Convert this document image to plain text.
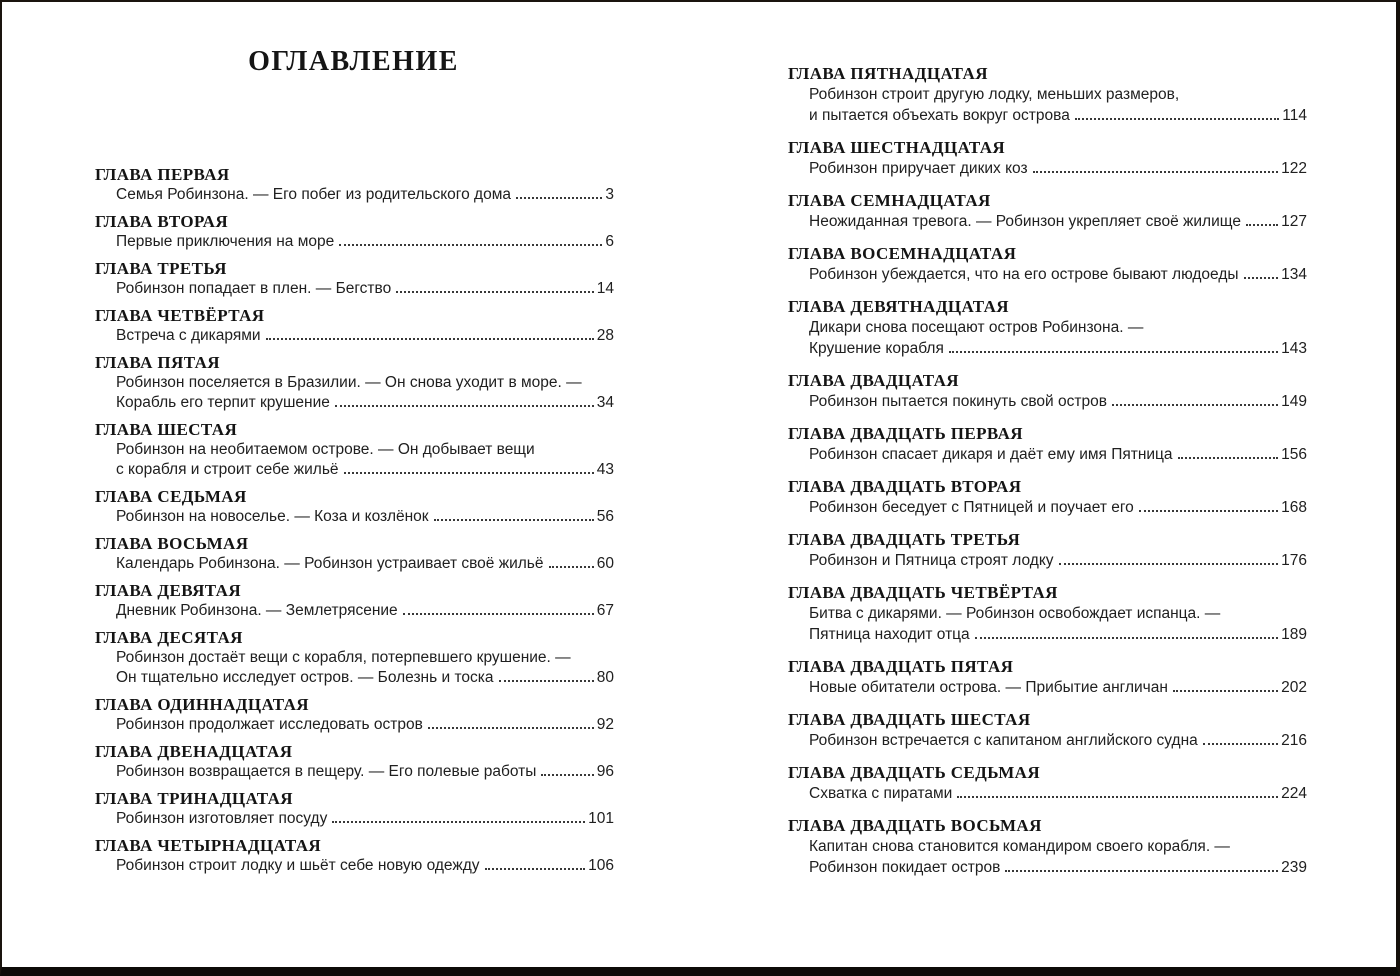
ОГЛАВЛЕНИЕ
ГЛАВА ПЕРВАЯ
Семья Робинзона. — Его побег из родительского дома	3
ГЛАВА ВТОРАЯ
Первые приключения на море	6
ГЛАВА ТРЕТЬЯ
Робинзон попадает в плен. — Бегство	14
ГЛАВА ЧЕТВЁРТАЯ
Встреча с дикарями	28
ГЛАВА ПЯТАЯ
Робинзон поселяется в Бразилии. — Он снова уходит в море. —
Корабль его терпит крушение	34
ГЛАВА ШЕСТАЯ
Робинзон на необитаемом острове. — Он добывает вещи
с корабля и строит себе жильё	43
ГЛАВА СЕДЬМАЯ
Робинзон на новоселье. — Коза и козлёнок	56
ГЛАВА ВОСЬМАЯ
Календарь Робинзона. — Робинзон устраивает своё жильё	60
ГЛАВА ДЕВЯТАЯ
Дневник Робинзона. — Землетрясение	67
ГЛАВА ДЕСЯТАЯ
Робинзон достаёт вещи с корабля, потерпевшего крушение. —
Он тщательно исследует остров. — Болезнь и тоска	80
ГЛАВА ОДИННАДЦАТАЯ
Робинзон продолжает исследовать остров	92
ГЛАВА ДВЕНАДЦАТАЯ
Робинзон возвращается в пещеру. — Его полевые работы	96
ГЛАВА ТРИНАДЦАТАЯ
Робинзон изготовляет посуду	101
ГЛАВА ЧЕТЫРНАДЦАТАЯ
Робинзон строит лодку и шьёт себе новую одежду	106
ГЛАВА ПЯТНАДЦАТАЯ
Робинзон строит другую лодку, меньших размеров,
и пытается объехать вокруг острова	114
ГЛАВА ШЕСТНАДЦАТАЯ
Робинзон приручает диких коз	122
ГЛАВА СЕМНАДЦАТАЯ
Неожиданная тревога. — Робинзон укрепляет своё жилище	127
ГЛАВА ВОСЕМНАДЦАТАЯ
Робинзон убеждается, что на его острове бывают людоеды	134
ГЛАВА ДЕВЯТНАДЦАТАЯ
Дикари снова посещают остров Робинзона. —
Крушение корабля	143
ГЛАВА ДВАДЦАТАЯ
Робинзон пытается покинуть свой остров	149
ГЛАВА ДВАДЦАТЬ ПЕРВАЯ
Робинзон спасает дикаря и даёт ему имя Пятница	156
ГЛАВА ДВАДЦАТЬ ВТОРАЯ
Робинзон беседует с Пятницей и поучает его	168
ГЛАВА ДВАДЦАТЬ ТРЕТЬЯ
Робинзон и Пятница строят лодку	176
ГЛАВА ДВАДЦАТЬ ЧЕТВЁРТАЯ
Битва с дикарями. — Робинзон освобождает испанца. —
Пятница находит отца	189
ГЛАВА ДВАДЦАТЬ ПЯТАЯ
Новые обитатели острова. — Прибытие англичан	202
ГЛАВА ДВАДЦАТЬ ШЕСТАЯ
Робинзон встречается с капитаном английского судна	216
ГЛАВА ДВАДЦАТЬ СЕДЬМАЯ
Схватка с пиратами	224
ГЛАВА ДВАДЦАТЬ ВОСЬМАЯ
Капитан снова становится командиром своего корабля. —
Робинзон покидает остров	239
